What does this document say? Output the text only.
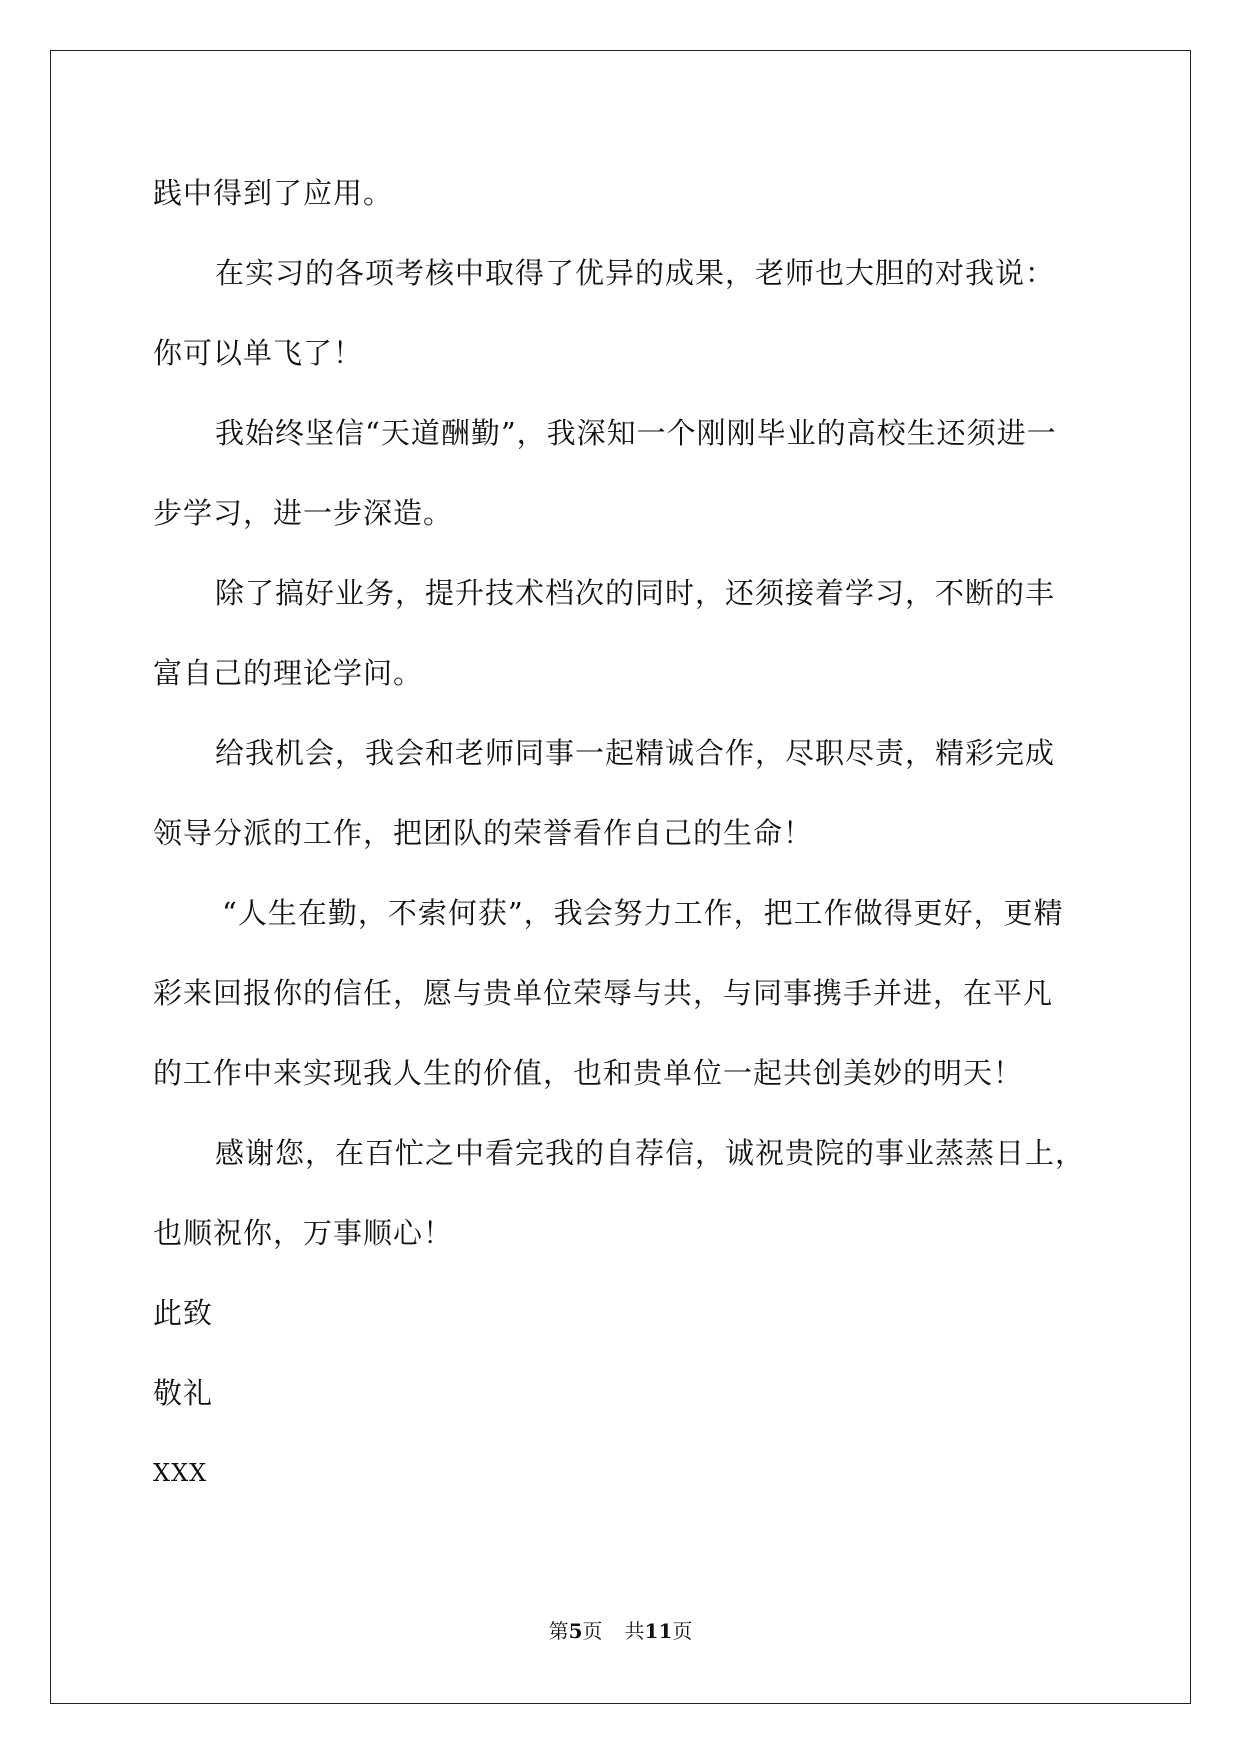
践中得到了应用。
在实习的各项考核中取得了优异的成果，老师也大胆的对我说：
你可以单飞了！
我始终坚信“天道酬勤”，我深知一个刚刚毕业的高校生还须进一
步学习，进一步深造。
除了搞好业务，提升技术档次的同时，还须接着学习，不断的丰
富自己的理论学问。
给我机会，我会和老师同事一起精诚合作，尽职尽责，精彩完成
领导分派的工作，把团队的荣誉看作自己的生命！
“人生在勤，不索何获”，我会努力工作，把工作做得更好，更精
彩来回报你的信任，愿与贵单位荣辱与共，与同事携手并进，在平凡
的工作中来实现我人生的价值，也和贵单位一起共创美妙的明天！
感谢您，在百忙之中看完我的自荐信，诚祝贵院的事业蒸蒸日上，
也顺祝你，万事顺心！
此致
敬礼
XXX
第5页 共11页
